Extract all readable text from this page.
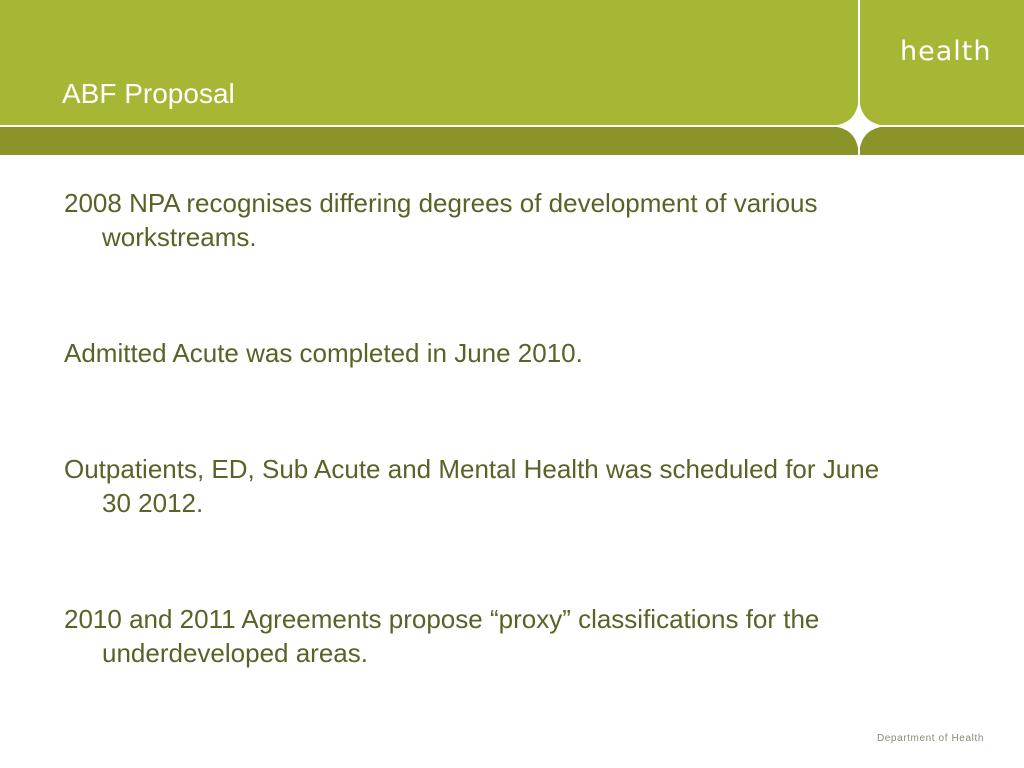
ABF Proposal
health
2008 NPA recognises differing degrees of development of various workstreams.
Admitted Acute was completed in June 2010.
Outpatients, ED, Sub Acute and Mental Health was scheduled for June 30 2012.
2010 and 2011 Agreements propose “proxy” classifications for the underdeveloped areas.
Department of Health
